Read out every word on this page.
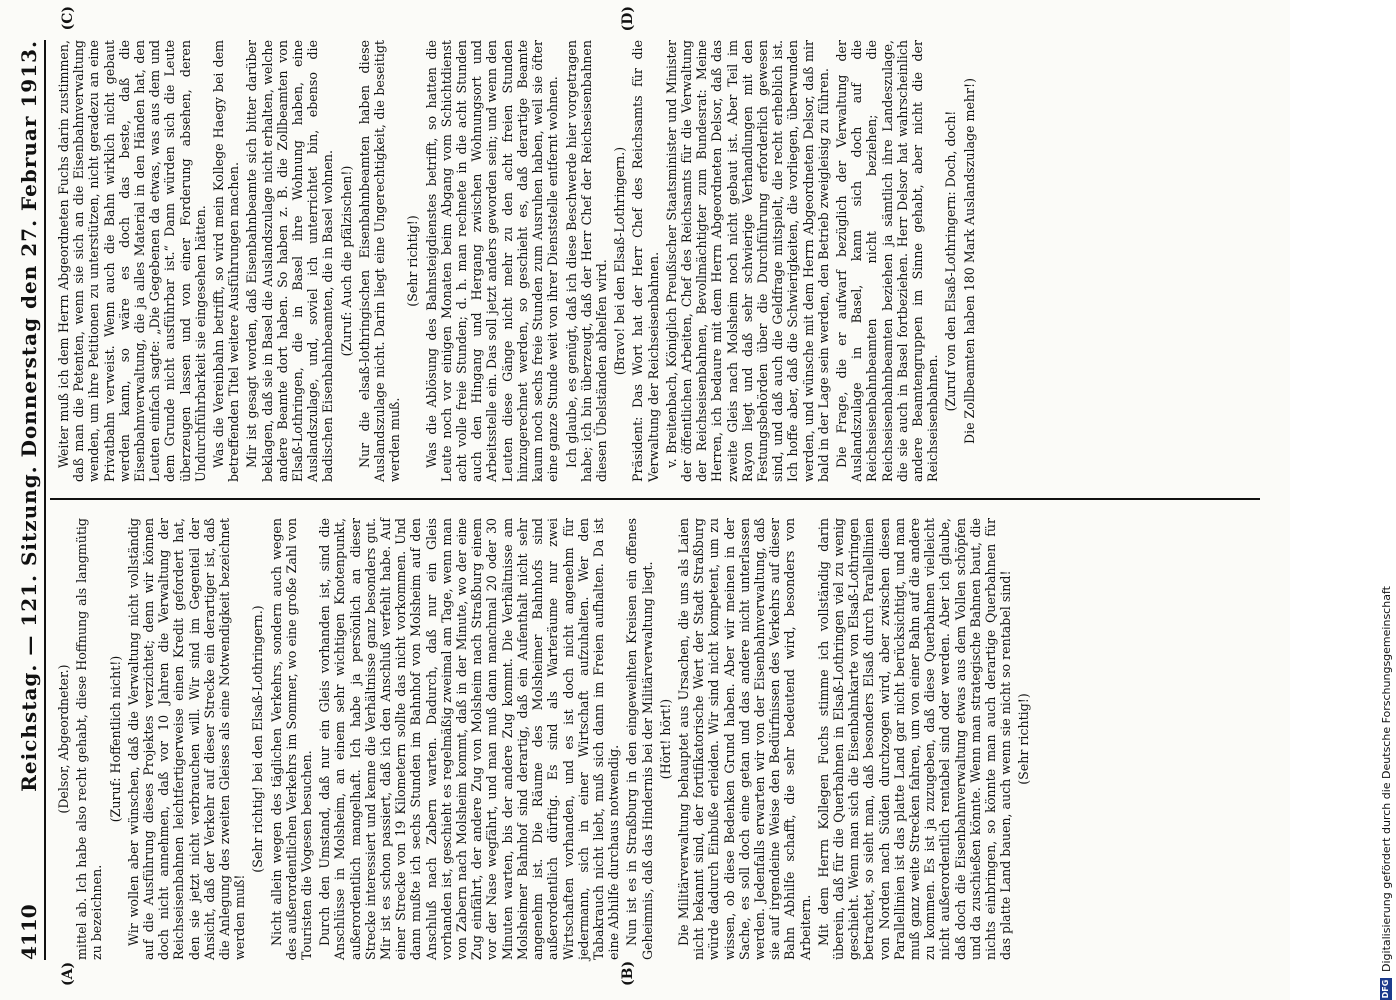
4110
Reichstag. — 121. Sitzung. Donnerstag den 27. Februar 1913.
(A)	(B)
(C)	(D)

(Delsor, Abgeordneter.) mittel ab. Ich habe also recht gehabt, diese Hoffnung als langmütig zu bezeichnen.

(Zuruf: Hoffentlich nicht!) Wir wollen aber wünschen, daß die Verwaltung nicht vollständig auf die Ausführung dieses Projektes verzichtet; denn wir können doch nicht annehmen, daß vor 10 Jahren die Verwaltung der Reichseisenbahnen leichtfertigerweise einen Kredit gefordert hat, den sie jetzt nicht verbrauchen will. Wir sind im Gegenteil der Ansicht, daß der Verkehr auf dieser Strecke ein derartiger ist, daß die Anlegung des zweiten Gleises als eine Notwendigkeit bezeichnet werden muß!

(Sehr richtig! bei den Elsaß-Lothringern.) Nicht allein wegen des täglichen Verkehrs, sondern auch wegen des außerordentlichen Verkehrs im Sommer, wo eine große Zahl von Touristen die Vogesen besuchen. Durch den Umstand, daß nur ein Gleis vorhanden ist, sind die Anschlüsse in Molsheim, an einem sehr wichtigen Knotenpunkt, außerordentlich mangelhaft. Ich habe ja persönlich an dieser Strecke interessiert und kenne die Verhältnisse ganz besonders gut. Mir ist es schon passiert, daß ich den Anschluß verfehlt habe. Auf einer Strecke von 19 Kilometern sollte das nicht vorkommen. Und dann mußte ich sechs Stunden im Bahnhof von Molsheim auf den Anschluß nach Zabern warten. Dadurch, daß nur ein Gleis vorhanden ist, geschieht es regelmäßig zweimal am Tage, wenn man von Zabern nach Molsheim kommt, daß in der Minute, wo der eine Zug einfährt, der andere Zug von Molsheim nach Straßburg einem vor der Nase wegfährt, und man muß dann manchmal 20 oder 30 Minuten warten, bis der andere Zug kommt. Die Verhältnisse am Molsheimer Bahnhof sind derartig, daß ein Aufenthalt nicht sehr angenehm ist. Die Räume des Molsheimer Bahnhofs sind außerordentlich dürftig. Es sind als Warteräume nur zwei Wirtschaften vorhanden, und es ist doch nicht angenehm für jedermann, sich in einer Wirtschaft aufzuhalten. Wer den Tabakrauch nicht liebt, muß sich dann im Freien aufhalten. Da ist eine Abhilfe durchaus notwendig. Nun ist es in Straßburg in den eingeweihten Kreisen ein offenes Geheimnis, daß das Hindernis bei der Militärverwaltung liegt. (Hört! hört!) Die Militärverwaltung behauptet aus Ursachen, die uns als Laien nicht bekannt sind, der fortifikatorische Wert der Stadt Straßburg würde dadurch Einbuße erleiden. Wir sind nicht kompetent, um zu wissen, ob diese Bedenken Grund haben. Aber wir meinen in der Sache, es soll doch eine getan und das andere nicht unterlassen werden. Jedenfalls erwarten wir von der Eisenbahnverwaltung, daß sie auf irgendeine Weise den Bedürfnissen des Verkehrs auf dieser Bahn Abhilfe schafft, die sehr bedeutend wird, besonders von Arbeitern. Mit dem Herrn Kollegen Fuchs stimme ich vollständig darin überein, daß für die Querbahnen in Elsaß-Lothringen viel zu wenig geschieht. Wenn man sich die Eisenbahnkarte von Elsaß-Lothringen betrachtet, so sieht man, daß besonders Elsaß durch Parallellinien von Norden nach Süden durchzogen wird, aber zwischen diesen Parallellinien ist das platte Land gar nicht berücksichtigt, und man muß ganz weite Strecken fahren, um von einer Bahn auf die andere zu kommen. Es ist ja zuzugeben, daß diese Querbahnen vielleicht nicht außerordentlich rentabel sind oder werden. Aber ich glaube, daß doch die Eisenbahnverwaltung etwas aus dem Vollen schöpfen und da zuschießen könnte. Wenn man strategische Bahnen baut, die nichts einbringen, so könnte man auch derartige Querbahnen für das platte Land bauen, auch wenn sie nicht so rentabel sind! (Sehr richtig!)

Weiter muß ich dem Herrn Abgeordneten Fuchs darin zustimmen, daß man die Petenten, wenn sie sich an die Eisenbahnverwaltung wenden, um ihre Petitionen zu unterstützen, nicht geradezu an eine Privatbahn verweist. Wenn auch die Bahn wirklich nicht gebaut werden kann, so wäre es doch das beste, daß die Eisenbahnverwaltung, die ja alles Material in den Händen hat, den Leuten einfach sagte: „Die Gegebenen da etwas, was aus dem und dem Grunde nicht ausführbar ist.“ Dann würden sich die Leute überzeugen lassen und von einer Forderung absehen, deren Undurchführbarkeit sie eingesehen hätten. Was die Vereinbahn betrifft, so wird mein Kollege Haegy bei dem betreffenden Titel weitere Ausführungen machen. Mir ist gesagt worden, daß Eisenbahnbeamte sich bitter darüber beklagen, daß sie in Basel die Auslandszulage nicht erhalten, welche andere Beamte dort haben. So haben z. B. die Zollbeamten von Elsaß-Lothringen, die in Basel ihre Wohnung haben, eine Auslandszulage, und, soviel ich unterrichtet bin, ebenso die badischen Eisenbahnbeamten, die in Basel wohnen. (Zuruf: Auch die pfälzischen!) Nur die elsaß-lothringischen Eisenbahnbeamten haben diese Auslandszulage nicht. Darin liegt eine Ungerechtigkeit, die beseitigt werden muß.

(Sehr richtig!) Was die Ablösung des Bahnsteigdienstes betrifft, so hatten die Leute noch vor einigen Monaten beim Abgang vom Schichtdienst acht volle freie Stunden; d. h. man rechnete in die acht Stunden auch den Hingang und Hergang zwischen Wohnungsort und Arbeitsstelle ein. Das soll jetzt anders geworden sein; und wenn den Leuten diese Gänge nicht mehr zu den acht freien Stunden hinzugerechnet werden, so geschieht es, daß derartige Beamte kaum noch sechs freie Stunden zum Ausruhen haben, weil sie öfter eine ganze Stunde weit von ihrer Dienststelle entfernt wohnen. Ich glaube, es genügt, daß ich diese Beschwerde hier vorgetragen habe; ich bin überzeugt, daß der Herr Chef der Reichseisenbahnen diesen Übelständen abhelfen wird. (Bravo! bei den Elsaß-Lothringern.) Präsident: Das Wort hat der Herr Chef des Reichsamts für die Verwaltung der Reichseisenbahnen. v. Breitenbach, Königlich Preußischer Staatsminister und Minister der öffentlichen Arbeiten, Chef des Reichsamts für die Verwaltung der Reichseisenbahnen, Bevollmächtigter zum Bundesrat: Meine Herren, ich bedaure mit dem Herrn Abgeordneten Delsor, daß das zweite Gleis nach Molsheim noch nicht gebaut ist. Aber Teil im Rayon liegt und daß sehr schwierige Verhandlungen mit den Festungsbehörden über die Durchführung erforderlich gewesen sind, und daß auch die Geldfrage mitspielt, die recht erheblich ist. Ich hoffe aber, daß die Schwierigkeiten, die vorliegen, überwunden werden, und wünsche mit dem Herrn Abgeordneten Delsor, daß mir bald in der Lage sein werden, den Betrieb zweigleisig zu führen. Die Frage, die er aufwarf bezüglich der Verwaltung der Auslandszulage in Basel, kann sich doch auf die Reichseisenbahnbeamten nicht beziehen; die Reichseisenbahnbeamten beziehen ja sämtlich ihre Landeszulage, die sie auch in Basel fortbeziehen. Herr Delsor hat wahrscheinlich andere Beamtengruppen im Sinne gehabt, aber nicht die der Reichseisenbahnen.

(Zuruf von den Elsaß-Lothringern: Doch, doch! Die Zollbeamten haben 180 Mark Auslandszulage mehr!)

DFG
Digitalisierung gefördert durch die Deutsche Forschungsgemeinschaft
